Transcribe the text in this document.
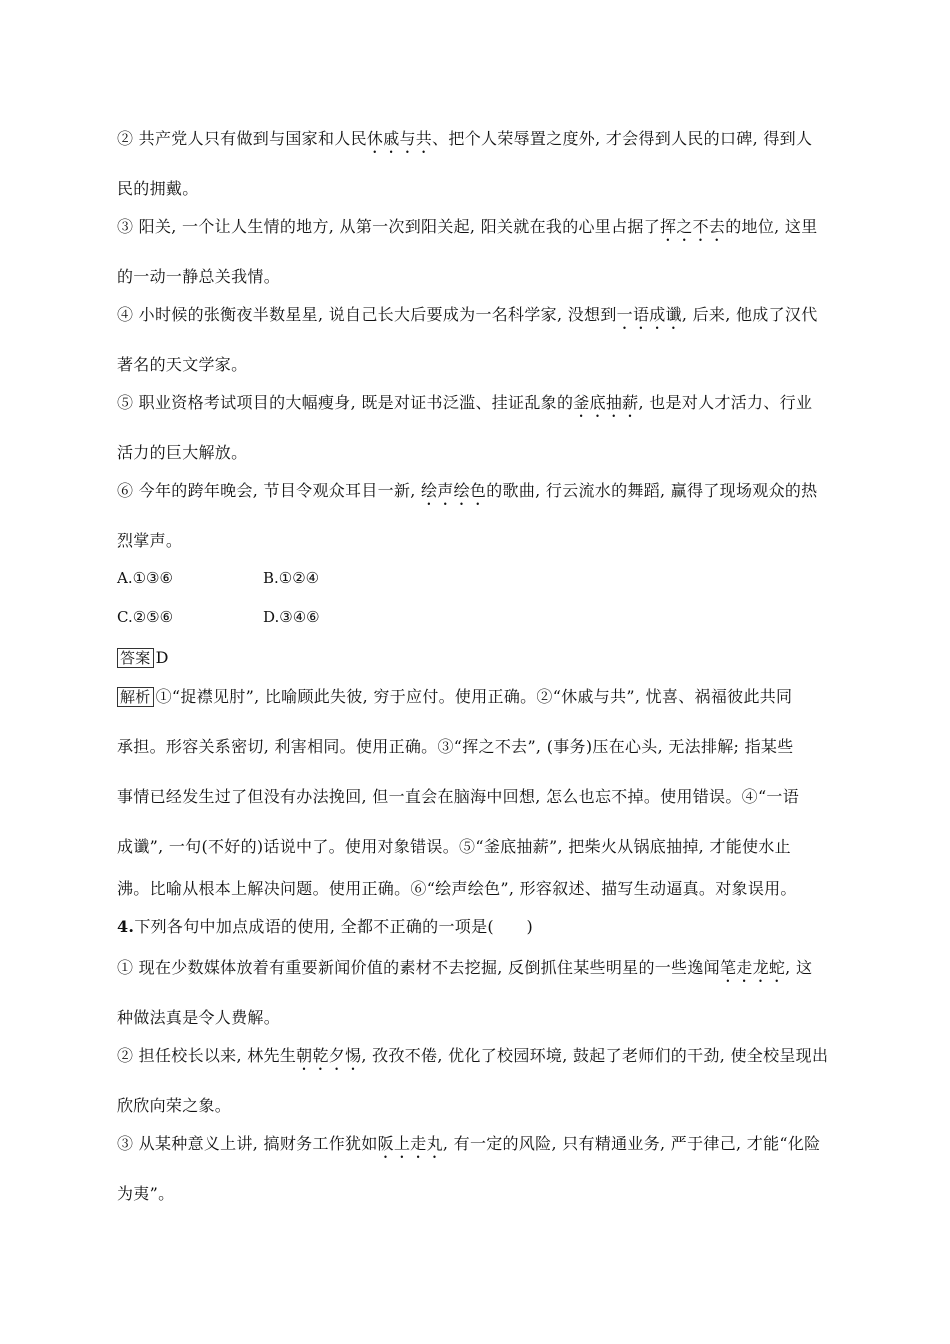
② 共产党人只有做到与国家和人民休戚与共、把个人荣辱置之度外, 才会得到人民的口碑, 得到人
民的拥戴。
③ 阳关, 一个让人生情的地方, 从第一次到阳关起, 阳关就在我的心里占据了挥之不去的地位, 这里
的一动一静总关我情。
④ 小时候的张衡夜半数星星, 说自己长大后要成为一名科学家, 没想到一语成谶, 后来, 他成了汉代
著名的天文学家。
⑤ 职业资格考试项目的大幅瘦身, 既是对证书泛滥、挂证乱象的釜底抽薪, 也是对人才活力、行业
活力的巨大解放。
⑥ 今年的跨年晚会, 节目令观众耳目一新, 绘声绘色的歌曲, 行云流水的舞蹈, 赢得了现场观众的热
烈掌声。
A.①③⑥	B.①②④
C.②⑤⑥	D.③④⑥
答案 D
解析 ①“捉襟见肘”, 比喻顾此失彼, 穷于应付。使用正确。②“休戚与共”, 忧喜、祸福彼此共同
承担。形容关系密切, 利害相同。使用正确。③“挥之不去”, (事务)压在心头, 无法排解; 指某些
事情已经发生过了但没有办法挽回, 但一直会在脑海中回想, 怎么也忘不掉。使用错误。④“一语
成谶”, 一句(不好的)话说中了。使用对象错误。⑤“釜底抽薪”, 把柴火从锅底抽掉, 才能使水止
沸。比喻从根本上解决问题。使用正确。⑥“绘声绘色”, 形容叙述、描写生动逼真。对象误用。
4.下列各句中加点成语的使用, 全都不正确的一项是(　　)
① 现在少数媒体放着有重要新闻价值的素材不去挖掘, 反倒抓住某些明星的一些逸闻笔走龙蛇, 这
种做法真是令人费解。
② 担任校长以来, 林先生朝乾夕惕, 孜孜不倦, 优化了校园环境, 鼓起了老师们的干劲, 使全校呈现出
欣欣向荣之象。
③ 从某种意义上讲, 搞财务工作犹如阪上走丸, 有一定的风险, 只有精通业务, 严于律己, 才能“化险
为夷”。
